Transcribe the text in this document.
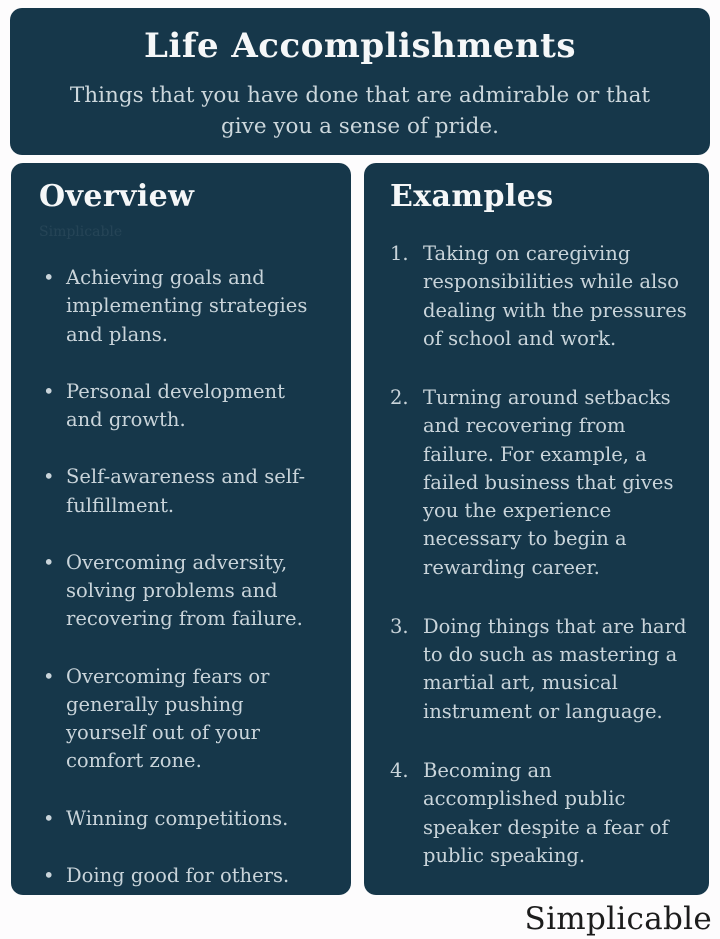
Life Accomplishments
Things that you have done that are admirable or that give you a sense of pride.
Overview
Simplicable
• Achieving goals and implementing strategies and plans.
• Personal development and growth.
• Self-awareness and self-fulfillment.
• Overcoming adversity, solving problems and recovering from failure.
• Overcoming fears or generally pushing yourself out of your comfort zone.
• Winning competitions.
• Doing good for others.
Examples
Taking on caregiving responsibilities while also dealing with the pressures of school and work.
Turning around setbacks and recovering from failure. For example, a failed business that gives you the experience necessary to begin a rewarding career.
Doing things that are hard to do such as mastering a martial art, musical instrument or language.
Becoming an accomplished public speaker despite a fear of public speaking.
Simplicable
